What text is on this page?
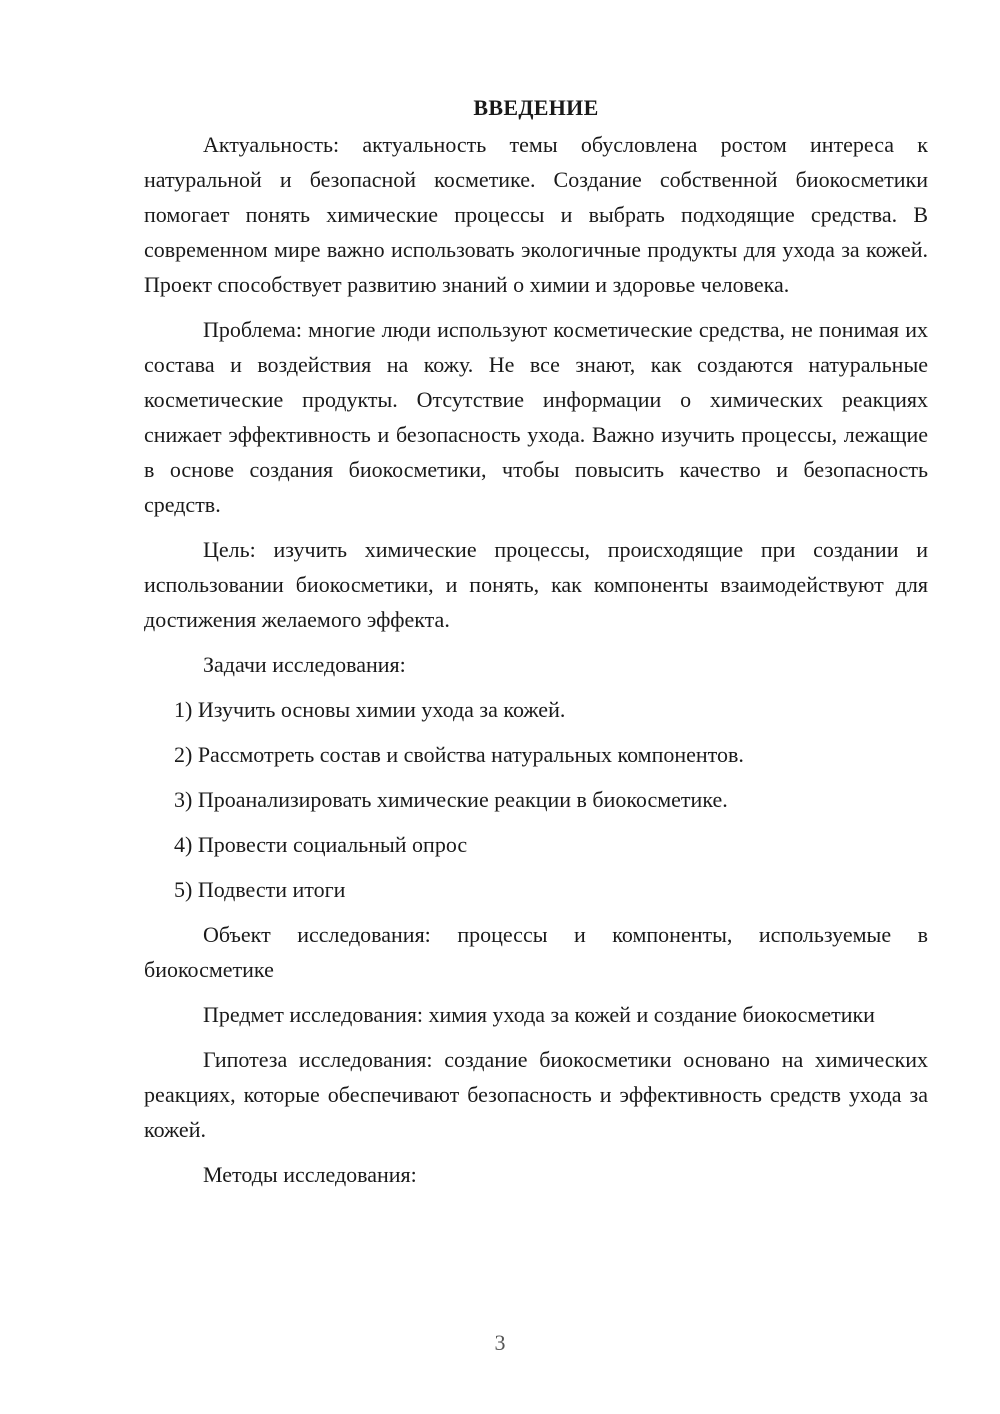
ВВЕДЕНИЕ

Актуальность: актуальность темы обусловлена ростом интереса к натуральной и безопасной косметике. Создание собственной биокосметики помогает понять химические процессы и выбрать подходящие средства. В современном мире важно использовать экологичные продукты для ухода за кожей. Проект способствует развитию знаний о химии и здоровье человека.

Проблема: многие люди используют косметические средства, не понимая их состава и воздействия на кожу. Не все знают, как создаются натуральные косметические продукты. Отсутствие информации о химических реакциях снижает эффективность и безопасность ухода. Важно изучить процессы, лежащие в основе создания биокосметики, чтобы повысить качество и безопасность средств.

Цель: изучить химические процессы, происходящие при создании и использовании биокосметики, и понять, как компоненты взаимодействуют для достижения желаемого эффекта.

Задачи исследования:

1) Изучить основы химии ухода за кожей.

2) Рассмотреть состав и свойства натуральных компонентов.

3) Проанализировать химические реакции в биокосметике.

4) Провести социальный опрос

5) Подвести итоги

Объект исследования: процессы и компоненты, используемые в биокосметике

Предмет исследования: химия ухода за кожей и создание биокосметики

Гипотеза исследования: создание биокосметики основано на химических реакциях, которые обеспечивают безопасность и эффективность средств ухода за кожей.

Методы исследования:

3
